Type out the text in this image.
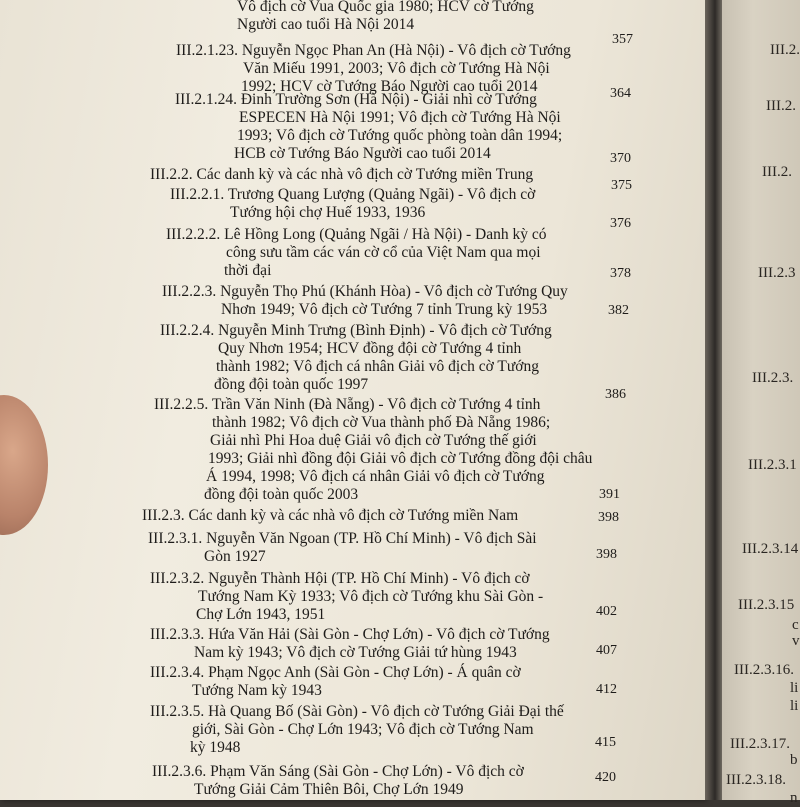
Vô địch cờ Vua Quốc gia 1980; HCV cờ Tướng
Người cao tuổi Hà Nội 2014
III.2.1.23. Nguyễn Ngọc Phan An (Hà Nội) - Vô địch cờ Tướng
Văn Miếu 1991, 2003; Vô địch cờ Tướng Hà Nội
1992; HCV cờ Tướng Báo Người cao tuổi 2014
357
III.2.1.24. Đinh Trường Sơn (Hà Nội) - Giải nhì cờ Tướng
ESPECEN Hà Nội 1991; Vô địch cờ Tướng Hà Nội
1993; Vô địch cờ Tướng quốc phòng toàn dân 1994;
HCB cờ Tướng Báo Người cao tuổi 2014
364
III.2.2. Các danh kỳ và các nhà vô địch cờ Tướng miền Trung
370
III.2.2.1. Trương Quang Lượng (Quảng Ngãi) - Vô địch cờ
Tướng hội chợ Huế 1933, 1936
375
III.2.2.2. Lê Hồng Long (Quảng Ngãi / Hà Nội) - Danh kỳ có
công sưu tầm các ván cờ cổ của Việt Nam qua mọi
thời đại
376
III.2.2.3. Nguyễn Thọ Phú (Khánh Hòa) - Vô địch cờ Tướng Quy
Nhơn 1949; Vô địch cờ Tướng 7 tỉnh Trung kỳ 1953
378
III.2.2.4. Nguyễn Minh Trưng (Bình Định) - Vô địch cờ Tướng
Quy Nhơn 1954; HCV đồng đội cờ Tướng 4 tỉnh
thành 1982; Vô địch cá nhân Giải vô địch cờ Tướng
đồng đội toàn quốc 1997
382
III.2.2.5. Trần Văn Ninh (Đà Nẵng) - Vô địch cờ Tướng 4 tỉnh
thành 1982; Vô địch cờ Vua thành phố Đà Nẵng 1986;
Giải nhì Phi Hoa duệ Giải vô địch cờ Tướng thế giới
1993; Giải nhì đồng đội Giải vô địch cờ Tướng đồng đội châu
Á 1994, 1998; Vô địch cá nhân Giải vô địch cờ Tướng
đồng đội toàn quốc 2003
386
III.2.3. Các danh kỳ và các nhà vô địch cờ Tướng miền Nam
391
III.2.3.1. Nguyễn Văn Ngoan (TP. Hồ Chí Minh) - Vô địch Sài
Gòn 1927
398
III.2.3.2. Nguyễn Thành Hội (TP. Hồ Chí Minh) - Vô địch cờ
Tướng Nam Kỳ 1933; Vô địch cờ Tướng khu Sài Gòn -
Chợ Lớn 1943, 1951
398
III.2.3.3. Hứa Văn Hải (Sài Gòn - Chợ Lớn) - Vô địch cờ Tướng
Nam kỳ 1943; Vô địch cờ Tướng Giải tứ hùng 1943
402
III.2.3.4. Phạm Ngọc Anh (Sài Gòn - Chợ Lớn) - Á quân cờ
Tướng Nam kỳ 1943
407
III.2.3.5. Hà Quang Bố (Sài Gòn) - Vô địch cờ Tướng Giải Đại thế
giới, Sài Gòn - Chợ Lớn 1943; Vô địch cờ Tướng Nam
kỳ 1948
412
III.2.3.6. Phạm Văn Sáng (Sài Gòn - Chợ Lớn) - Vô địch cờ
Tướng Giải Cảm Thiên Bôi, Chợ Lớn 1949
415
420
III.2.
III.2.
III.2.
III.2.3
III.2.3.
III.2.3.1
III.2.3.14
III.2.3.15
III.2.3.16.
III.2.3.17.
III.2.3.18.
c
v
li
li
b
n
